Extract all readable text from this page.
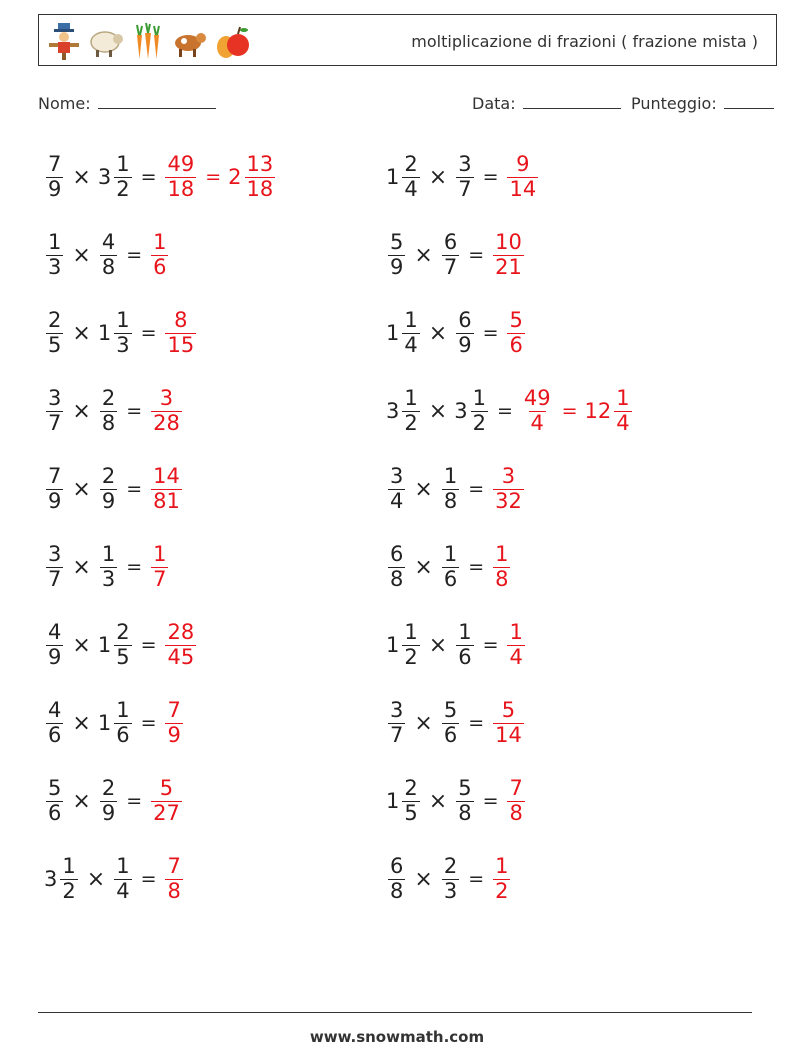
moltiplicazione di frazioni ( frazione mista )
Nome:	Data:	Punteggio:
$\frac{7}{9} \times 3 \frac{1}{2} = \frac{49}{18} = 2 \frac{13}{18}$
$\frac{1}{3} \times \frac{4}{8} = \frac{1}{6}$
$\frac{2}{5} \times 1 \frac{1}{3} = \frac{8}{15}$
$\frac{3}{7} \times \frac{2}{8} = \frac{3}{28}$
$\frac{7}{9} \times \frac{2}{9} = \frac{14}{81}$
$\frac{3}{7} \times \frac{1}{3} = \frac{1}{7}$
$\frac{4}{9} \times 1 \frac{2}{5} = \frac{28}{45}$
$\frac{4}{6} \times 1 \frac{1}{6} = \frac{7}{9}$
$\frac{5}{6} \times \frac{2}{9} = \frac{5}{27}$
$3 \frac{1}{2} \times \frac{1}{4} = \frac{7}{8}$
$1 \frac{2}{4} \times \frac{3}{7} = \frac{9}{14}$
$\frac{5}{9} \times \frac{6}{7} = \frac{10}{21}$
$1 \frac{1}{4} \times \frac{6}{9} = \frac{5}{6}$
$3 \frac{1}{2} \times 3 \frac{1}{2} = \frac{49}{4} = 12 \frac{1}{4}$
$\frac{3}{4} \times \frac{1}{8} = \frac{3}{32}$
$\frac{6}{8} \times \frac{1}{6} = \frac{1}{8}$
$1 \frac{1}{2} \times \frac{1}{6} = \frac{1}{4}$
$\frac{3}{7} \times \frac{5}{6} = \frac{5}{14}$
$1 \frac{2}{5} \times \frac{5}{8} = \frac{7}{8}$
$\frac{6}{8} \times \frac{2}{3} = \frac{1}{2}$
www.snowmath.com
